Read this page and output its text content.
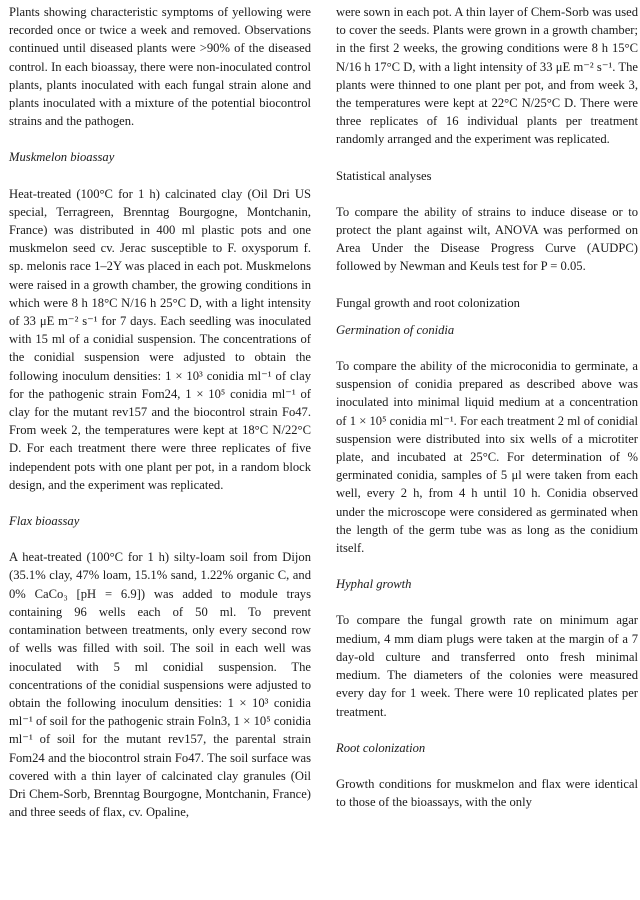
Plants showing characteristic symptoms of yellowing were recorded once or twice a week and removed. Observations continued until diseased plants were >90% of the diseased control. In each bioassay, there were non-inoculated control plants, plants inoculated with each fungal strain alone and plants inoculated with a mixture of the potential biocontrol strains and the pathogen.

Muskmelon bioassay

Heat-treated (100°C for 1 h) calcinated clay (Oil Dri US special, Terragreen, Brenntag Bourgogne, Montchanin, France) was distributed in 400 ml plastic pots and one muskmelon seed cv. Jerac susceptible to F. oxysporum f. sp. melonis race 1–2Y was placed in each pot. Muskmelons were raised in a growth chamber, the growing conditions in which were 8 h 18°C N/16 h 25°C D, with a light intensity of 33 μE m⁻² s⁻¹ for 7 days. Each seedling was inoculated with 15 ml of a conidial suspension. The concentrations of the conidial suspension were adjusted to obtain the following inoculum densities: 1 × 10³ conidia ml⁻¹ of clay for the pathogenic strain Fom24, 1 × 10⁵ conidia ml⁻¹ of clay for the mutant rev157 and the biocontrol strain Fo47. From week 2, the temperatures were kept at 18°C N/22°C D. For each treatment there were three replicates of five independent pots with one plant per pot, in a random block design, and the experiment was replicated.

Flax bioassay

A heat-treated (100°C for 1 h) silty-loam soil from Dijon (35.1% clay, 47% loam, 15.1% sand, 1.22% organic C, and 0% CaCo₃ [pH = 6.9]) was added to module trays containing 96 wells each of 50 ml. To prevent contamination between treatments, only every second row of wells was filled with soil. The soil in each well was inoculated with 5 ml conidial suspension. The concentrations of the conidial suspensions were adjusted to obtain the following inoculum densities: 1 × 10³ conidia ml⁻¹ of soil for the pathogenic strain Foln3, 1 × 10⁵ conidia ml⁻¹ of soil for the mutant rev157, the parental strain Fom24 and the biocontrol strain Fo47. The soil surface was covered with a thin layer of calcinated clay granules (Oil Dri Chem-Sorb, Brenntag Bourgogne, Montchanin, France) and three seeds of flax, cv. Opaline,

were sown in each pot. A thin layer of Chem-Sorb was used to cover the seeds. Plants were grown in a growth chamber; in the first 2 weeks, the growing conditions were 8 h 15°C N/16 h 17°C D, with a light intensity of 33 μE m⁻² s⁻¹. The plants were thinned to one plant per pot, and from week 3, the temperatures were kept at 22°C N/25°C D. There were three replicates of 16 individual plants per treatment randomly arranged and the experiment was replicated.

Statistical analyses

To compare the ability of strains to induce disease or to protect the plant against wilt, ANOVA was performed on Area Under the Disease Progress Curve (AUDPC) followed by Newman and Keuls test for P = 0.05.

Fungal growth and root colonization
Germination of conidia

To compare the ability of the microconidia to germinate, a suspension of conidia prepared as described above was inoculated into minimal liquid medium at a concentration of 1 × 10⁵ conidia ml⁻¹. For each treatment 2 ml of conidial suspension were distributed into six wells of a microtiter plate, and incubated at 25°C. For determination of % germinated conidia, samples of 5 μl were taken from each well, every 2 h, from 4 h until 10 h. Conidia observed under the microscope were considered as germinated when the length of the germ tube was as long as the conidium itself.

Hyphal growth

To compare the fungal growth rate on minimum agar medium, 4 mm diam plugs were taken at the margin of a 7 day-old culture and transferred onto fresh minimal medium. The diameters of the colonies were measured every day for 1 week. There were 10 replicated plates per treatment.

Root colonization

Growth conditions for muskmelon and flax were identical to those of the bioassays, with the only
